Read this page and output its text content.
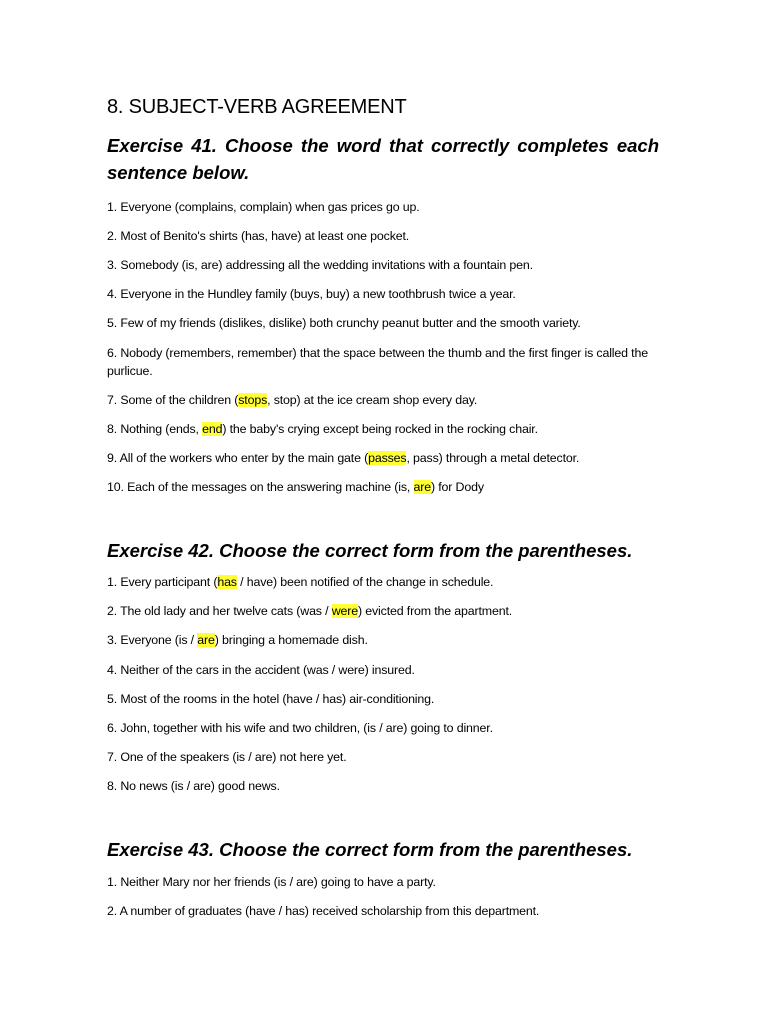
8. SUBJECT-VERB AGREEMENT
Exercise 41. Choose the word that correctly completes each sentence below.
1. Everyone (complains, complain) when gas prices go up.
2. Most of Benito's shirts (has, have) at least one pocket.
3. Somebody (is, are) addressing all the wedding invitations with a fountain pen.
4. Everyone in the Hundley family (buys, buy) a new toothbrush twice a year.
5. Few of my friends (dislikes, dislike) both crunchy peanut butter and the smooth variety.
6. Nobody (remembers, remember) that the space between the thumb and the first finger is called the purlicue.
7. Some of the children (stops, stop) at the ice cream shop every day.
8. Nothing (ends, end) the baby's crying except being rocked in the rocking chair.
9. All of the workers who enter by the main gate (passes, pass) through a metal detector.
10. Each of the messages on the answering machine (is, are) for Dody
Exercise 42. Choose the correct form from the parentheses.
1. Every participant (has / have) been notified of the change in schedule.
2. The old lady and her twelve cats (was / were) evicted from the apartment.
3. Everyone (is / are) bringing a homemade dish.
4. Neither of the cars in the accident (was / were) insured.
5. Most of the rooms in the hotel (have / has) air-conditioning.
6. John, together with his wife and two children, (is / are) going to dinner.
7. One of the speakers (is / are) not here yet.
8. No news (is / are) good news.
Exercise 43. Choose the correct form from the parentheses.
1. Neither Mary nor her friends (is / are) going to have a party.
2. A number of graduates (have / has) received scholarship from this department.
